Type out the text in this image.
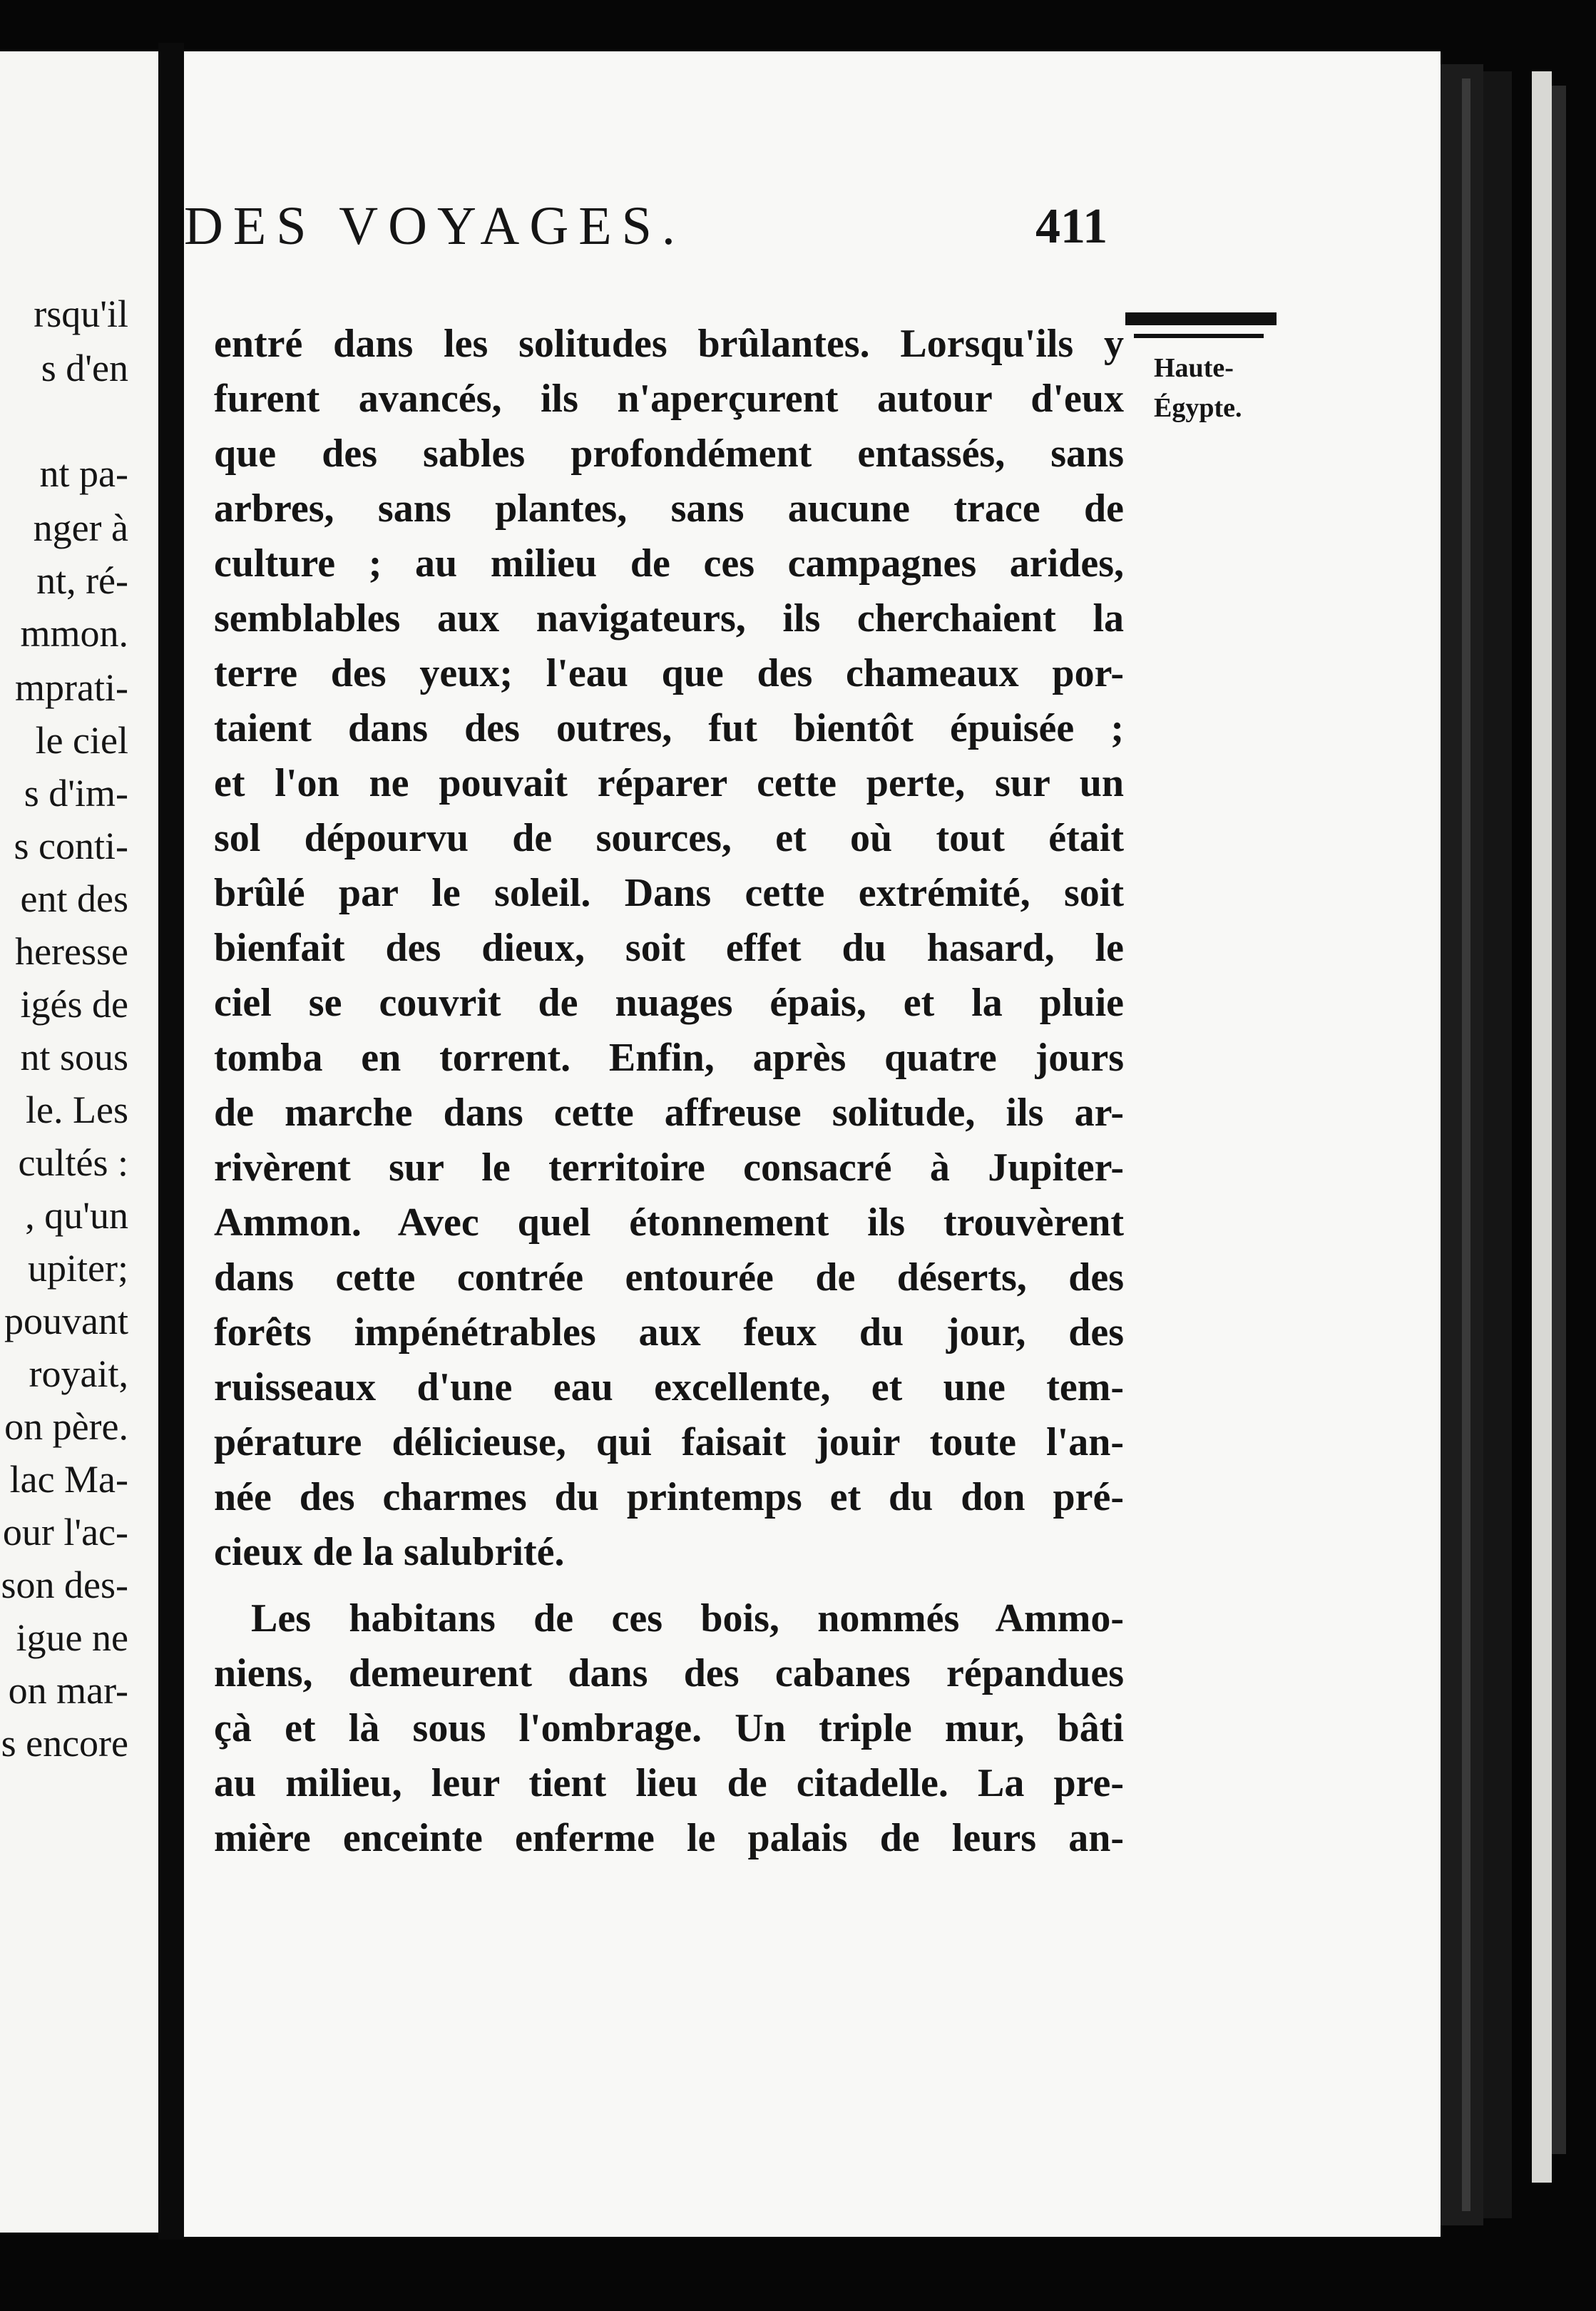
rsqu'il
s d'en
nt pa-
nger à
nt, ré-
mmon.
mprati-
le ciel
s d'im-
s conti-
ent des
heresse
igés de
nt sous
le. Les
cultés :
, qu'un
upiter;
pouvant
royait,
on père.
lac Ma-
our l'ac-
son des-
igue ne
on mar-
s encore
DES VOYAGES.	411
Haute-
Égypte.
entré dans les solitudes brûlantes. Lorsqu'ils y
furent avancés, ils n'aperçurent autour d'eux
que des sables profondément entassés, sans
arbres, sans plantes, sans aucune trace de
culture ; au milieu de ces campagnes arides,
semblables aux navigateurs, ils cherchaient la
terre des yeux; l'eau que des chameaux por-
taient dans des outres, fut bientôt épuisée ;
et l'on ne pouvait réparer cette perte, sur un
sol dépourvu de sources, et où tout était
brûlé par le soleil. Dans cette extrémité, soit
bienfait des dieux, soit effet du hasard, le
ciel se couvrit de nuages épais, et la pluie
tomba en torrent. Enfin, après quatre jours
de marche dans cette affreuse solitude, ils ar-
rivèrent sur le territoire consacré à Jupiter-
Ammon. Avec quel étonnement ils trouvèrent
dans cette contrée entourée de déserts, des
forêts impénétrables aux feux du jour, des
ruisseaux d'une eau excellente, et une tem-
pérature délicieuse, qui faisait jouir toute l'an-
née des charmes du printemps et du don pré-
cieux de la salubrité.
Les habitans de ces bois, nommés Ammo-
niens, demeurent dans des cabanes répandues
çà et là sous l'ombrage. Un triple mur, bâti
au milieu, leur tient lieu de citadelle. La pre-
mière enceinte enferme le palais de leurs an-
